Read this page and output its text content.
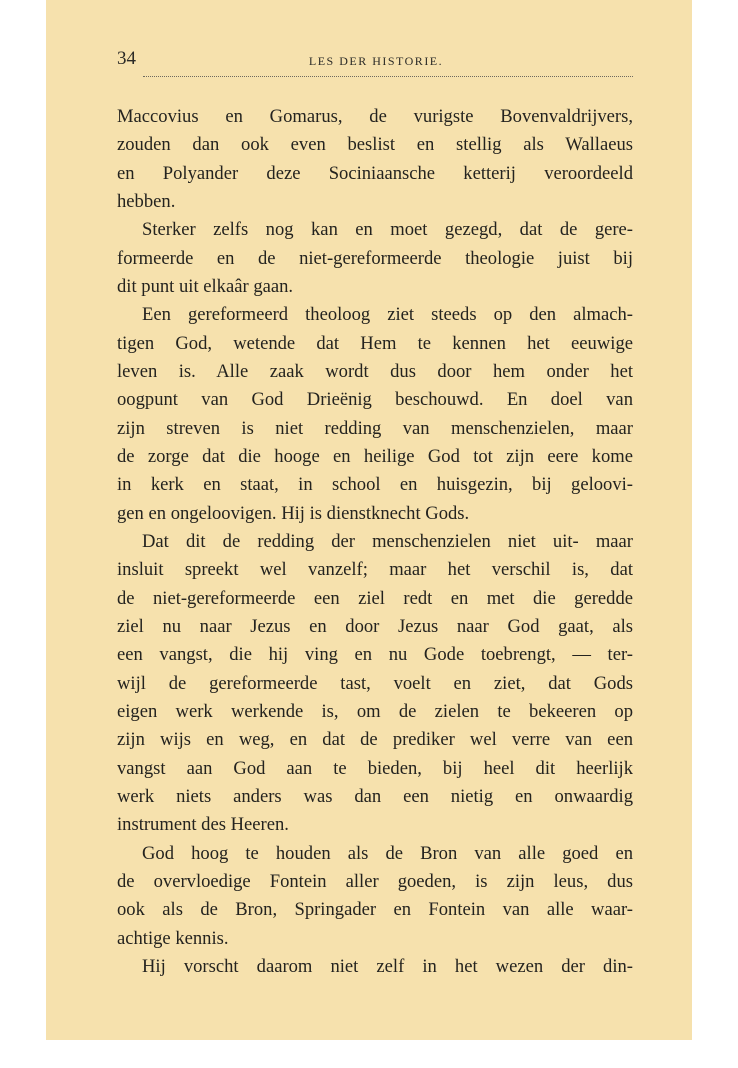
34	LES DER HISTORIE.
Maccovius en Gomarus, de vurigste Bovenvaldrijvers,
zouden dan ook even beslist en stellig als Wallaeus
en Polyander deze Sociniaansche ketterij veroordeeld
hebben.
Sterker zelfs nog kan en moet gezegd, dat de gere-
formeerde en de niet-gereformeerde theologie juist bij
dit punt uit elkaâr gaan.
Een gereformeerd theoloog ziet steeds op den almach-
tigen God, wetende dat Hem te kennen het eeuwige
leven is. Alle zaak wordt dus door hem onder het
oogpunt van God Drieënig beschouwd. En doel van
zijn streven is niet redding van menschenzielen, maar
de zorge dat die hooge en heilige God tot zijn eere kome
in kerk en staat, in school en huisgezin, bij geloovi-
gen en ongeloovigen. Hij is dienstknecht Gods.
Dat dit de redding der menschenzielen niet uit- maar
insluit spreekt wel vanzelf; maar het verschil is, dat
de niet-gereformeerde een ziel redt en met die geredde
ziel nu naar Jezus en door Jezus naar God gaat, als
een vangst, die hij ving en nu Gode toebrengt, — ter-
wijl de gereformeerde tast, voelt en ziet, dat Gods
eigen werk werkende is, om de zielen te bekeeren op
zijn wijs en weg, en dat de prediker wel verre van een
vangst aan God aan te bieden, bij heel dit heerlijk
werk niets anders was dan een nietig en onwaardig
instrument des Heeren.
God hoog te houden als de Bron van alle goed en
de overvloedige Fontein aller goeden, is zijn leus, dus
ook als de Bron, Springader en Fontein van alle waar-
achtige kennis.
Hij vorscht daarom niet zelf in het wezen der din-
